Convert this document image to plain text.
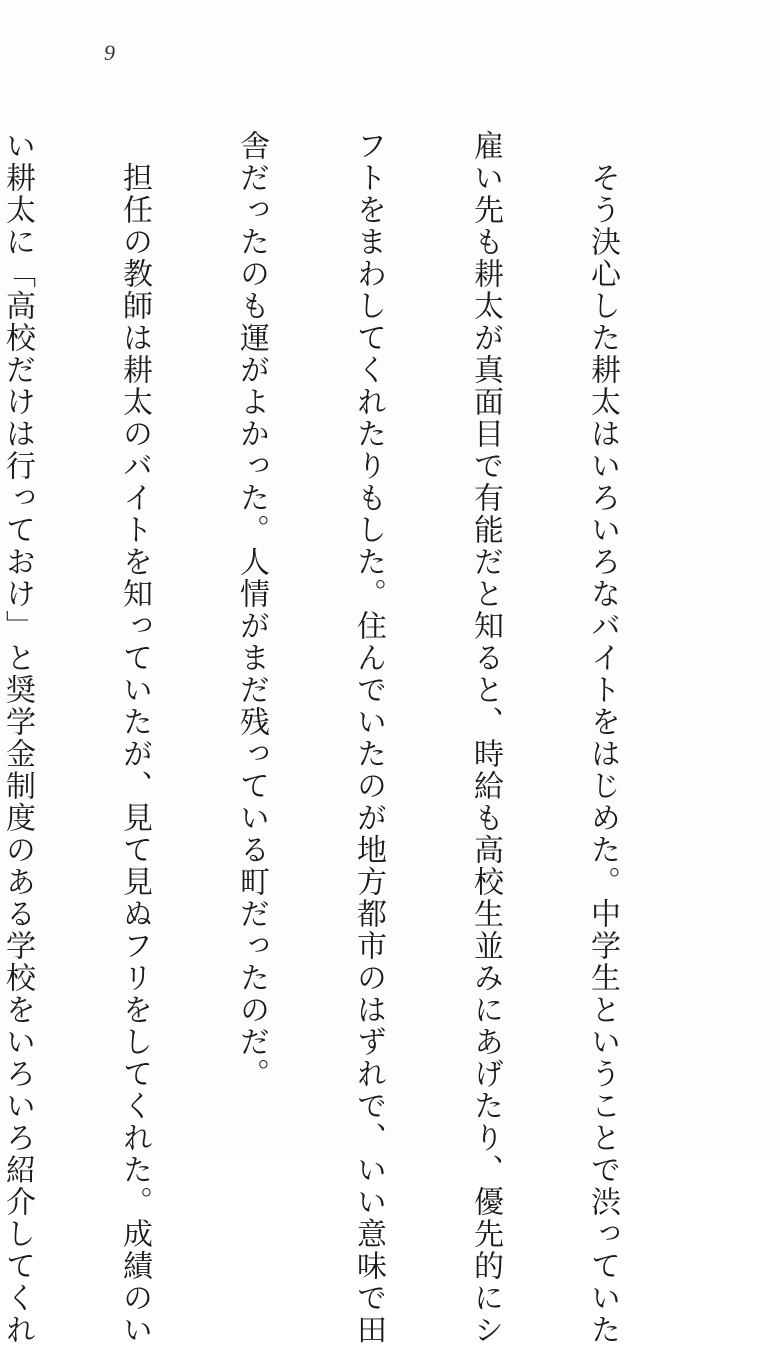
9

　そう決心した耕太はいろいろなバイトをはじめた。中学生ということで渋っていた

雇い先も耕太が真面目で有能だと知ると、時給も高校生並みにあげたり、優先的にシ

フトをまわしてくれたりもした。住んでいたのが地方都市のはずれで、いい意味で田

舎だったのも運がよかった。人情がまだ残っている町だったのだ。

　担任の教師は耕太のバイトを知っていたが、見て見ぬフリをしてくれた。成績のい

い耕太に「高校だけは行っておけ」と奨学金制度のある学校をいろいろ紹介してくれ
